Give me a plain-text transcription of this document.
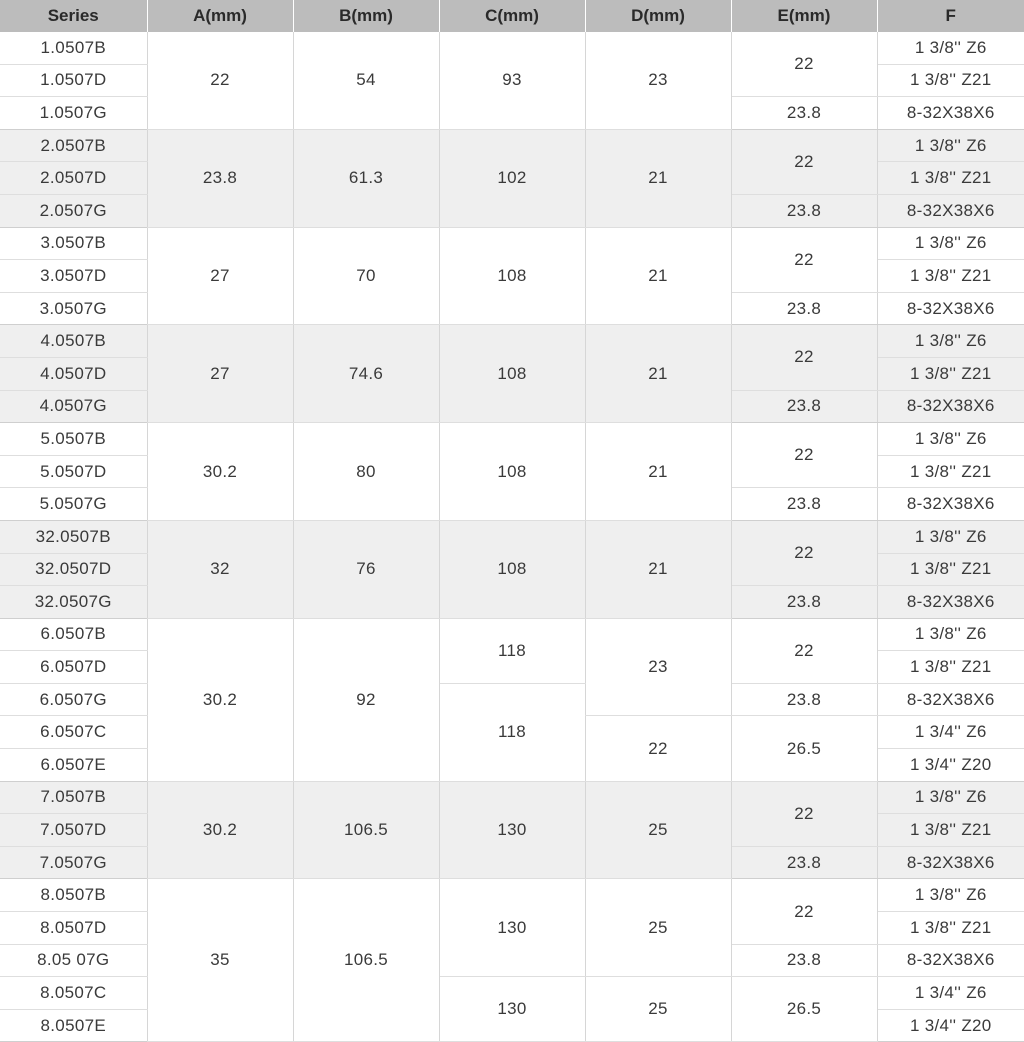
Series	A(mm)	B(mm)	C(mm)	D(mm)	E(mm)	F
1.0507B	22	54	93	23	22	1 3/8'' Z6
1.0507D						1 3/8'' Z21
1.0507G					23.8	8-32X38X6
2.0507B	23.8	61.3	102	21	22	1 3/8'' Z6
2.0507D						1 3/8'' Z21
2.0507G					23.8	8-32X38X6
3.0507B	27	70	108	21	22	1 3/8'' Z6
3.0507D						1 3/8'' Z21
3.0507G					23.8	8-32X38X6
4.0507B	27	74.6	108	21	22	1 3/8'' Z6
4.0507D						1 3/8'' Z21
4.0507G					23.8	8-32X38X6
5.0507B	30.2	80	108	21	22	1 3/8'' Z6
5.0507D						1 3/8'' Z21
5.0507G					23.8	8-32X38X6
32.0507B	32	76	108	21	22	1 3/8'' Z6
32.0507D						1 3/8'' Z21
32.0507G					23.8	8-32X38X6
6.0507B	30.2	92	118	23	22	1 3/8'' Z6
6.0507D						1 3/8'' Z21
6.0507G			118		23.8	8-32X38X6
6.0507C				22	26.5	1 3/4'' Z6
6.0507E						1 3/4'' Z20
7.0507B	30.2	106.5	130	25	22	1 3/8'' Z6
7.0507D						1 3/8'' Z21
7.0507G					23.8	8-32X38X6
8.0507B	35	106.5	130	25	22	1 3/8'' Z6
8.0507D						1 3/8'' Z21
8.05 07G					23.8	8-32X38X6
8.0507C			130	25	26.5	1 3/4'' Z6
8.0507E						1 3/4'' Z20
